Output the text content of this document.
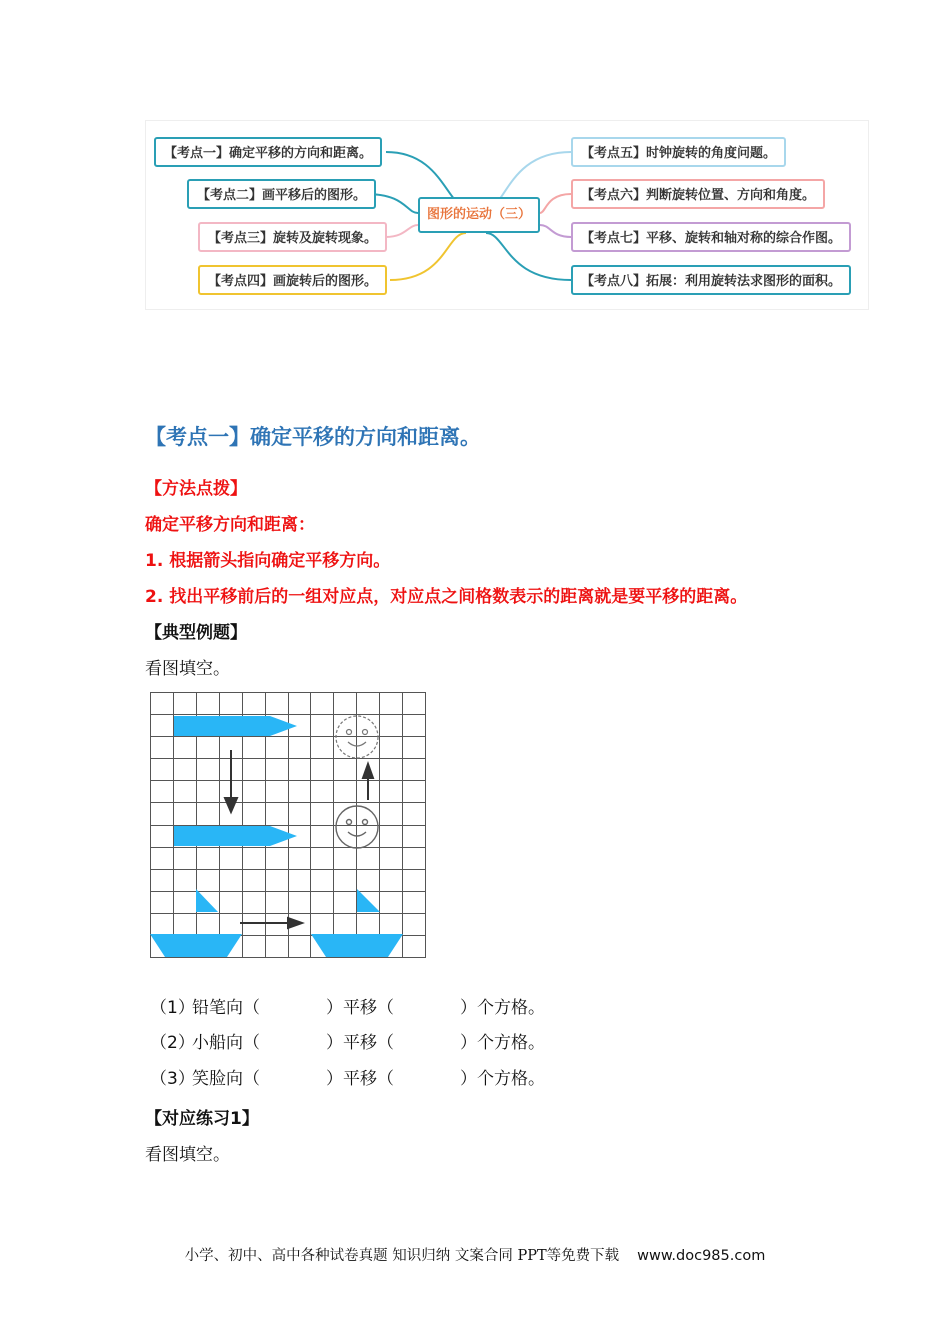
图形的运动（三）
【考点一】确定平移的方向和距离。
【考点二】画平移后的图形。
【考点三】旋转及旋转现象。
【考点四】画旋转后的图形。
【考点五】时钟旋转的角度问题。
【考点六】判断旋转位置、方向和角度。
【考点七】平移、旋转和轴对称的综合作图。
【考点八】拓展：利用旋转法求图形的面积。
【考点一】确定平移的方向和距离。

【方法点拨】

确定平移方向和距离：

1. 根据箭头指向确定平移方向。

2. 找出平移前后的一组对应点，对应点之间格数表示的距离就是要平移的距离。

【典型例题】

看图填空。

（1）
铅笔向（	）平移（	）个方格。
（2）
小船向（	）平移（	）个方格。
（3）
笑脸向（	）平移（	）个方格。

【对应练习1】

看图填空。

小学、初中、高中各种试卷真题 知识归纳 文案合同 PPT等免费下载 www.doc985.com
